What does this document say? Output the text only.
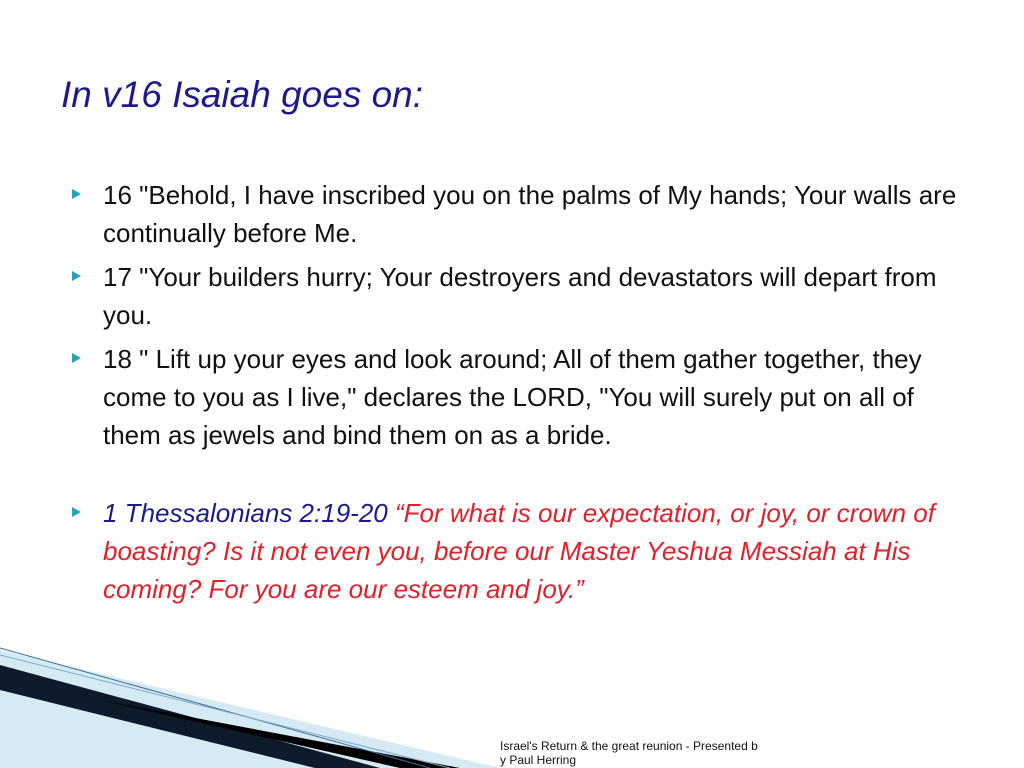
In v16 Isaiah goes on:
16 "Behold, I have inscribed you on the palms of My hands; Your walls are continually before Me.
17 "Your builders hurry; Your destroyers and devastators will depart from you.
18 " Lift up your eyes and look around; All of them gather together, they come to you as I live," declares the LORD, "You will surely put on all of them as jewels and bind them on as a bride.
1 Thessalonians 2:19-20 “For what is our expectation, or joy, or crown of boasting? Is it not even you, before our Master Yeshua Messiah at His coming? For you are our esteem and joy.”
Israel's Return & the great reunion - Presented by Paul Herring
